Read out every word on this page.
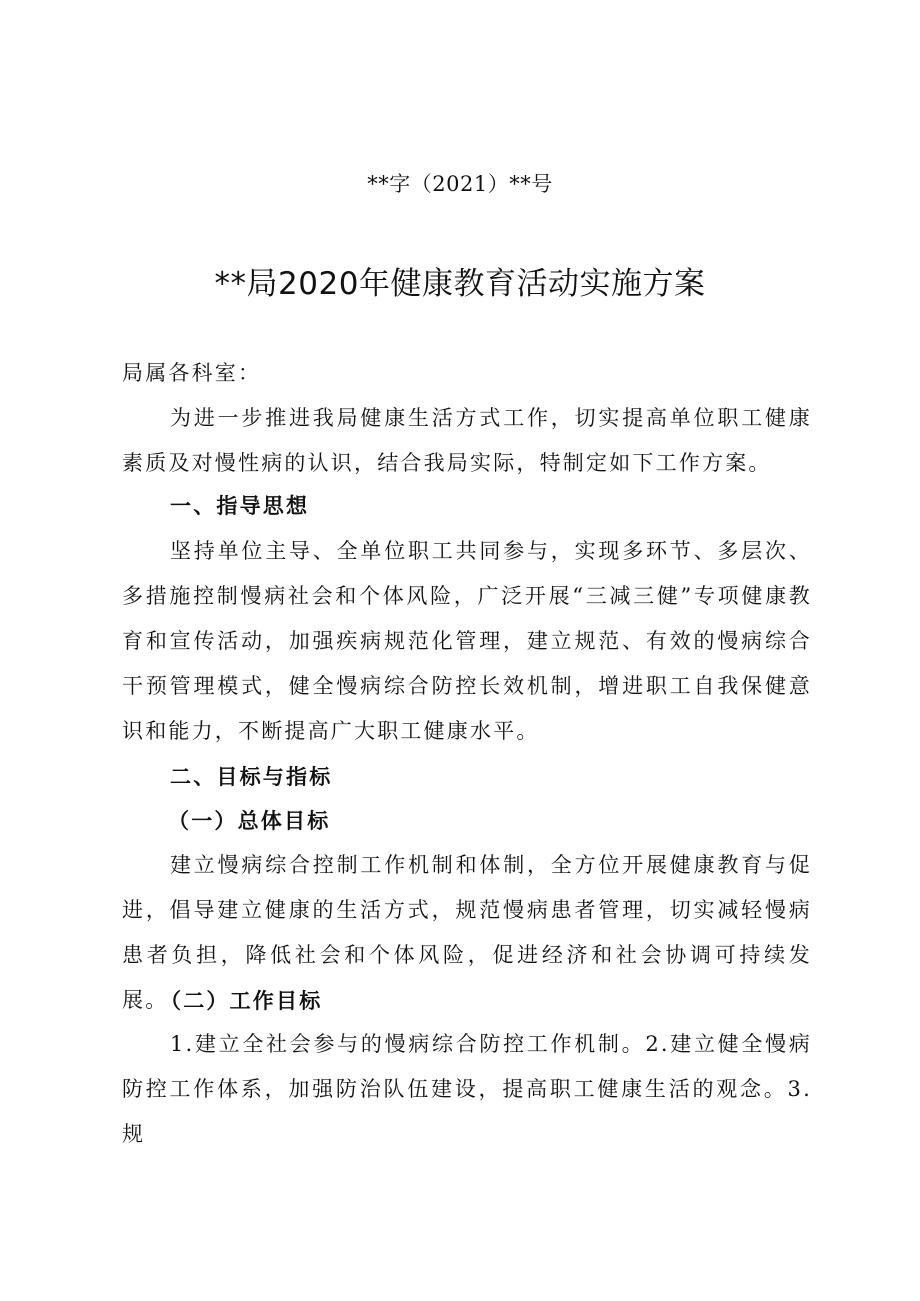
**字（2021）**号
**局2020年健康教育活动实施方案
局属各科室：
为进一步推进我局健康生活方式工作，切实提高单位职工健康素质及对慢性病的认识，结合我局实际，特制定如下工作方案。
一、指导思想
坚持单位主导、全单位职工共同参与，实现多环节、多层次、多措施控制慢病社会和个体风险，广泛开展“三减三健”专项健康教育和宣传活动，加强疾病规范化管理，建立规范、有效的慢病综合干预管理模式，健全慢病综合防控长效机制，增进职工自我保健意识和能力，不断提高广大职工健康水平。
二、目标与指标
（一）总体目标
建立慢病综合控制工作机制和体制，全方位开展健康教育与促进，倡导建立健康的生活方式，规范慢病患者管理，切实减轻慢病患者负担，降低社会和个体风险，促进经济和社会协调可持续发展。
（二）工作目标
1.建立全社会参与的慢病综合防控工作机制。2.建立健全慢病防控工作体系，加强防治队伍建设，提高职工健康生活的观念。3.规
